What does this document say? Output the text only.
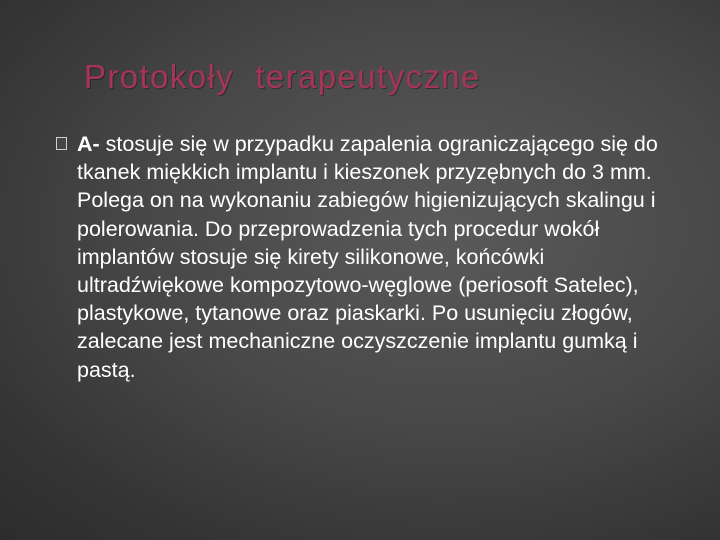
Protokoły  terapeutyczne

A- stosuje się w przypadku zapalenia ograniczającego się do tkanek miękkich implantu i kieszonek przyzębnych do 3 mm. Polega on na wykonaniu zabiegów higienizujących skalingu i polerowania. Do przeprowadzenia tych procedur wokół implantów stosuje się kirety silikonowe, końcówki ultradźwiękowe kompozytowo-węglowe (periosoft Satelec), plastykowe, tytanowe oraz piaskarki. Po usunięciu złogów, zalecane jest mechaniczne oczyszczenie implantu gumką i pastą.
